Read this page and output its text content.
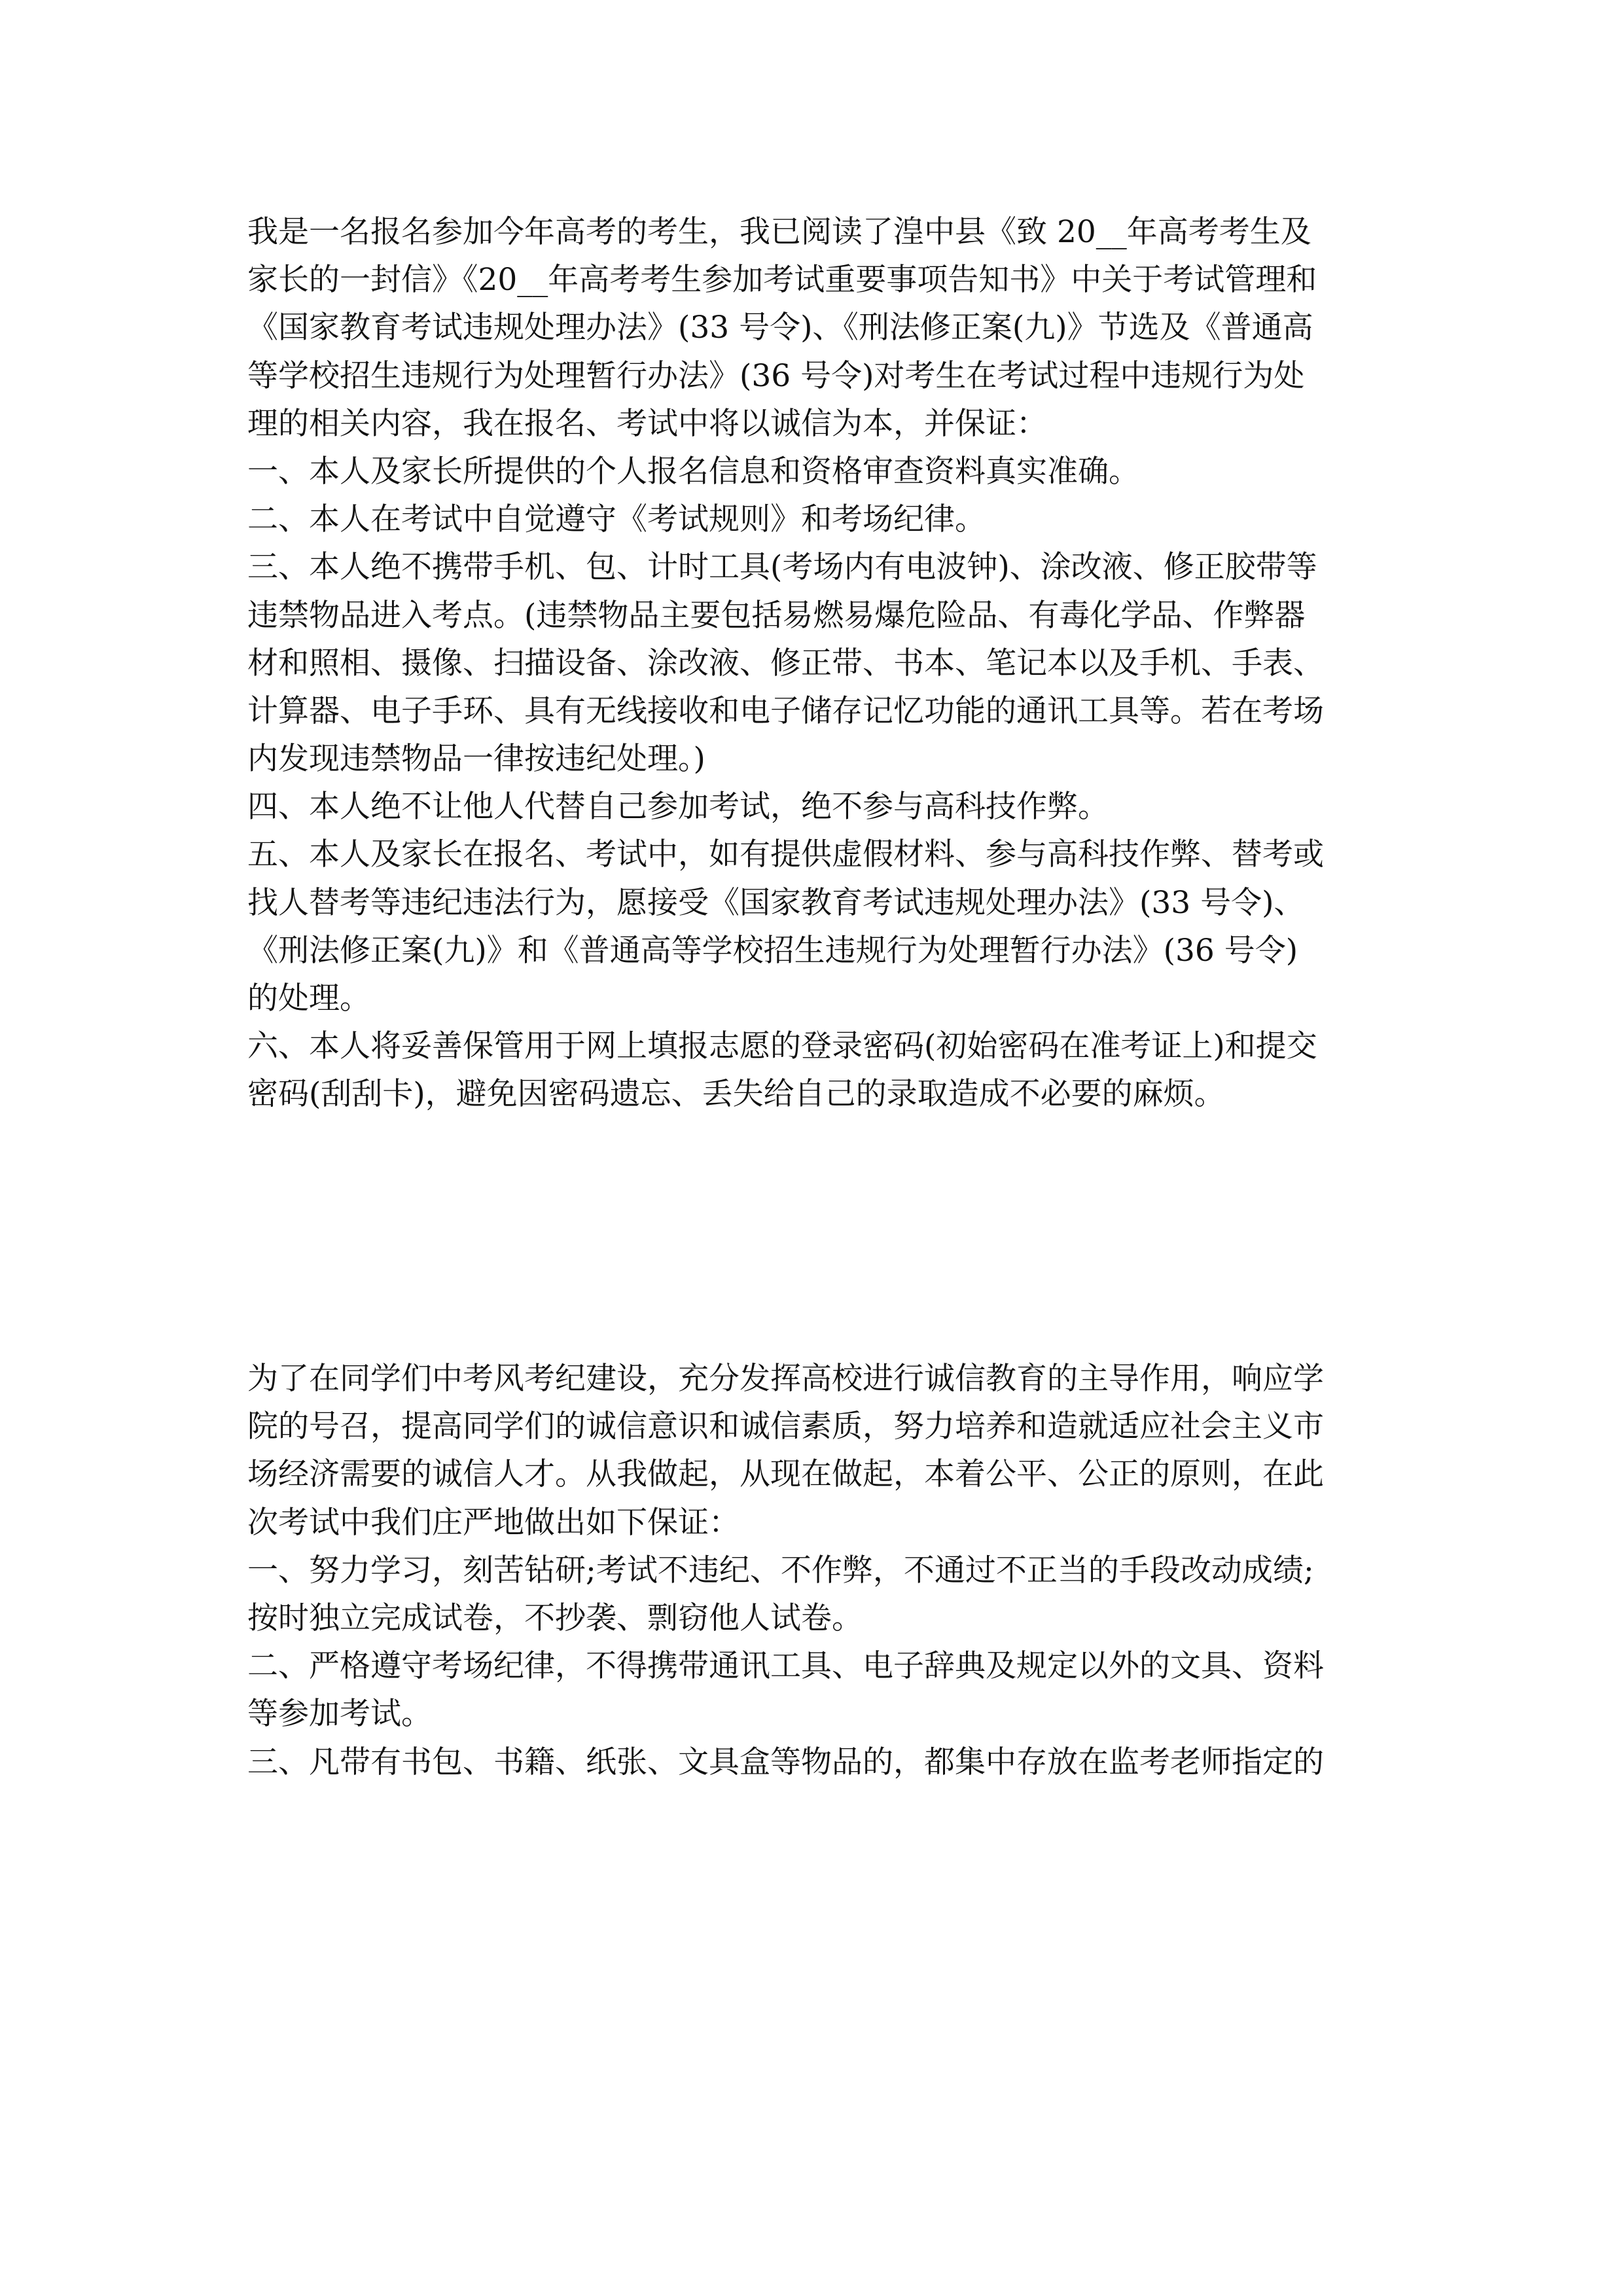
我是一名报名参加今年高考的考生，我已阅读了湟中县《致 20__年高考考生及
家长的一封信》《20__年高考考生参加考试重要事项告知书》中关于考试管理和
《国家教育考试违规处理办法》(33 号令)、《刑法修正案(九)》节选及《普通高
等学校招生违规行为处理暂行办法》(36 号令)对考生在考试过程中违规行为处
理的相关内容，我在报名、考试中将以诚信为本，并保证：
一、本人及家长所提供的个人报名信息和资格审查资料真实准确。
二、本人在考试中自觉遵守《考试规则》和考场纪律。
三、本人绝不携带手机、包、计时工具(考场内有电波钟)、涂改液、修正胶带等
违禁物品进入考点。(违禁物品主要包括易燃易爆危险品、有毒化学品、作弊器
材和照相、摄像、扫描设备、涂改液、修正带、书本、笔记本以及手机、手表、
计算器、电子手环、具有无线接收和电子储存记忆功能的通讯工具等。若在考场
内发现违禁物品一律按违纪处理。)
四、本人绝不让他人代替自己参加考试，绝不参与高科技作弊。
五、本人及家长在报名、考试中，如有提供虚假材料、参与高科技作弊、替考或
找人替考等违纪违法行为，愿接受《国家教育考试违规处理办法》(33 号令)、
《刑法修正案(九)》和《普通高等学校招生违规行为处理暂行办法》(36 号令)
的处理。
六、本人将妥善保管用于网上填报志愿的登录密码(初始密码在准考证上)和提交
密码(刮刮卡)，避免因密码遗忘、丢失给自己的录取造成不必要的麻烦。
为了在同学们中考风考纪建设，充分发挥高校进行诚信教育的主导作用，响应学
院的号召，提高同学们的诚信意识和诚信素质，努力培养和造就适应社会主义市
场经济需要的诚信人才。从我做起，从现在做起，本着公平、公正的原则，在此
次考试中我们庄严地做出如下保证：
一、努力学习，刻苦钻研;考试不违纪、不作弊，不通过不正当的手段改动成绩;
按时独立完成试卷，不抄袭、剽窃他人试卷。
二、严格遵守考场纪律，不得携带通讯工具、电子辞典及规定以外的文具、资料
等参加考试。
三、凡带有书包、书籍、纸张、文具盒等物品的，都集中存放在监考老师指定的
